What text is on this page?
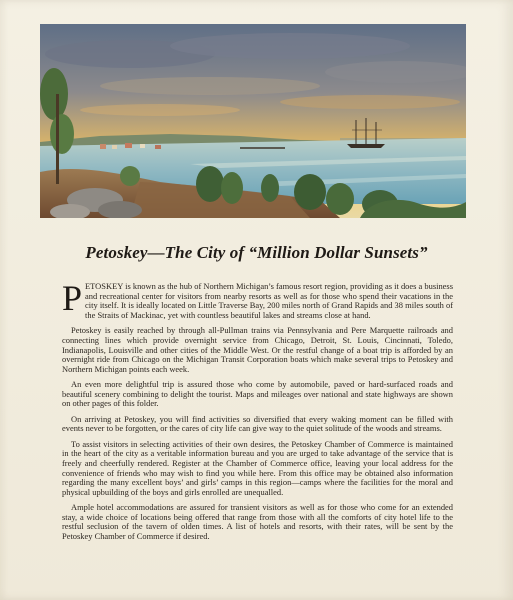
Petoskey—The City of “Million Dollar Sunsets”

PETOSKEY is known as the hub of Northern Michigan’s famous resort region, providing as it does a business and recreational center for visitors from nearby resorts as well as for those who spend their vacations in the city itself. It is ideally located on Little Traverse Bay, 200 miles north of Grand Rapids and 38 miles south of the Straits of Mackinac, yet with countless beautiful lakes and streams close at hand.

Petoskey is easily reached by through all-Pullman trains via Pennsylvania and Pere Marquette railroads and connecting lines which provide overnight service from Chicago, Detroit, St. Louis, Cincinnati, Toledo, Indianapolis, Louisville and other cities of the Middle West. Or the restful change of a boat trip is afforded by an overnight ride from Chicago on the Michigan Transit Corporation boats which make several trips to Petoskey and Northern Michigan points each week.

An even more delightful trip is assured those who come by automobile, paved or hard-surfaced roads and beautiful scenery combining to delight the tourist. Maps and mileages over national and state highways are shown on other pages of this folder.

On arriving at Petoskey, you will find activities so diversified that every waking moment can be filled with events never to be forgotten, or the cares of city life can give way to the quiet solitude of the woods and streams.

To assist visitors in selecting activities of their own desires, the Petoskey Chamber of Commerce is maintained in the heart of the city as a veritable information bureau and you are urged to take advantage of the service that is freely and cheerfully rendered. Register at the Chamber of Commerce office, leaving your local address for the convenience of friends who may wish to find you while here. From this office may be obtained also information regarding the many excellent boys’ and girls’ camps in this region—camps where the facilities for the moral and physical upbuilding of the boys and girls enrolled are unequalled.

Ample hotel accommodations are assured for transient visitors as well as for those who come for an extended stay, a wide choice of locations being offered that range from those with all the comforts of city hotel life to the restful seclusion of the tavern of olden times. A list of hotels and resorts, with their rates, will be sent by the Petoskey Chamber of Commerce if desired.
